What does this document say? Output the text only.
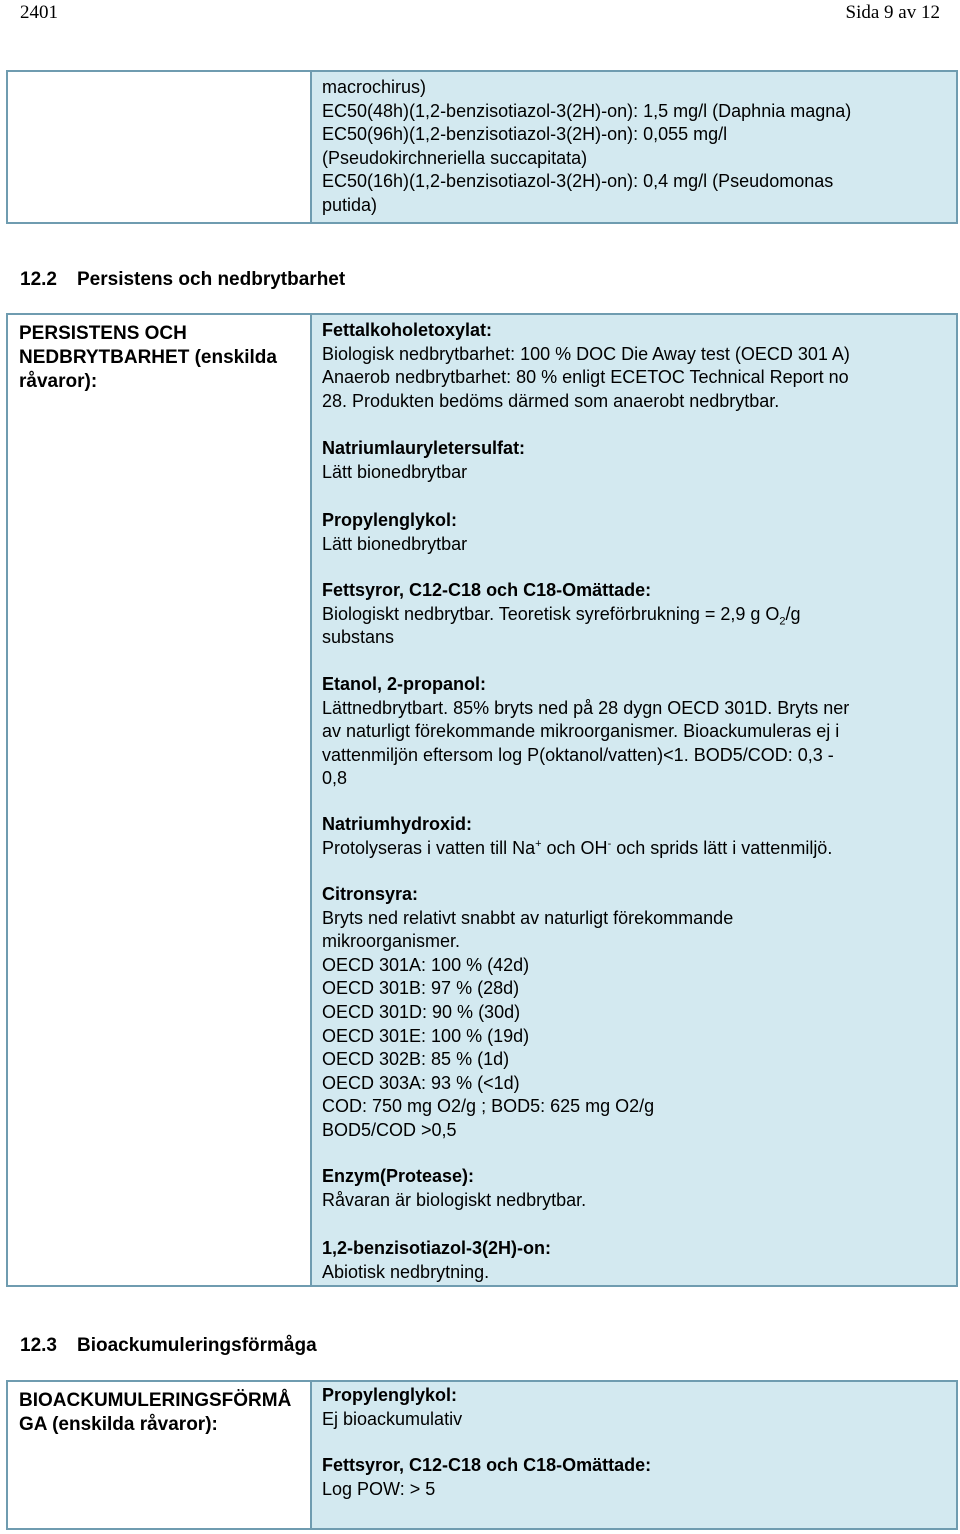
2401	Sida 9 av 12
macrochirus)
EC50(48h)(1,2-benzisotiazol-3(2H)-on): 1,5 mg/l (Daphnia magna)
EC50(96h)(1,2-benzisotiazol-3(2H)-on): 0,055 mg/l
(Pseudokirchneriella succapitata)
EC50(16h)(1,2-benzisotiazol-3(2H)-on): 0,4 mg/l (Pseudomonas
putida)
12.2 Persistens och nedbrytbarhet
PERSISTENS OCH
NEDBRYTBARHET (enskilda
råvaror):
Fettalkoholetoxylat:
Biologisk nedbrytbarhet: 100 % DOC Die Away test (OECD 301 A)
Anaerob nedbrytbarhet: 80 % enligt ECETOC Technical Report no
28. Produkten bedöms därmed som anaerobt nedbrytbar.
Natriumlauryletersulfat:
Lätt bionedbrytbar
Propylenglykol:
Lätt bionedbrytbar
Fettsyror, C12-C18 och C18-Omättade:
Biologiskt nedbrytbar. Teoretisk syreförbrukning = 2,9 g $O_2/g$
substans
Etanol, 2-propanol:
Lättnedbrytbart. 85% bryts ned på 28 dygn OECD 301D. Bryts ner
av naturligt förekommande mikroorganismer. Bioackumuleras ej i
vattenmiljön eftersom log P(oktanol/vatten)<1. BOD5/COD: 0,3 -
0,8
Natriumhydroxid:
Protolyseras i vatten till Na+ och OH- och sprids lätt i vattenmiljö.
Citronsyra:
Bryts ned relativt snabbt av naturligt förekommande
mikroorganismer.
OECD 301A: 100 % (42d)
OECD 301B: 97 % (28d)
OECD 301D: 90 % (30d)
OECD 301E: 100 % (19d)
OECD 302B: 85 % (1d)
OECD 303A: 93 % (<1d)
COD: 750 mg O2/g ; BOD5: 625 mg O2/g
BOD5/COD >0,5
Enzym(Protease):
Råvaran är biologiskt nedbrytbar.
1,2-benzisotiazol-3(2H)-on:
Abiotisk nedbrytning.
12.3 Bioackumuleringsförmåga
BIOACKUMULERINGSFÖRMÅ
GA (enskilda råvaror):
Propylenglykol:
Ej bioackumulativ
Fettsyror, C12-C18 och C18-Omättade:
Log POW: > 5
